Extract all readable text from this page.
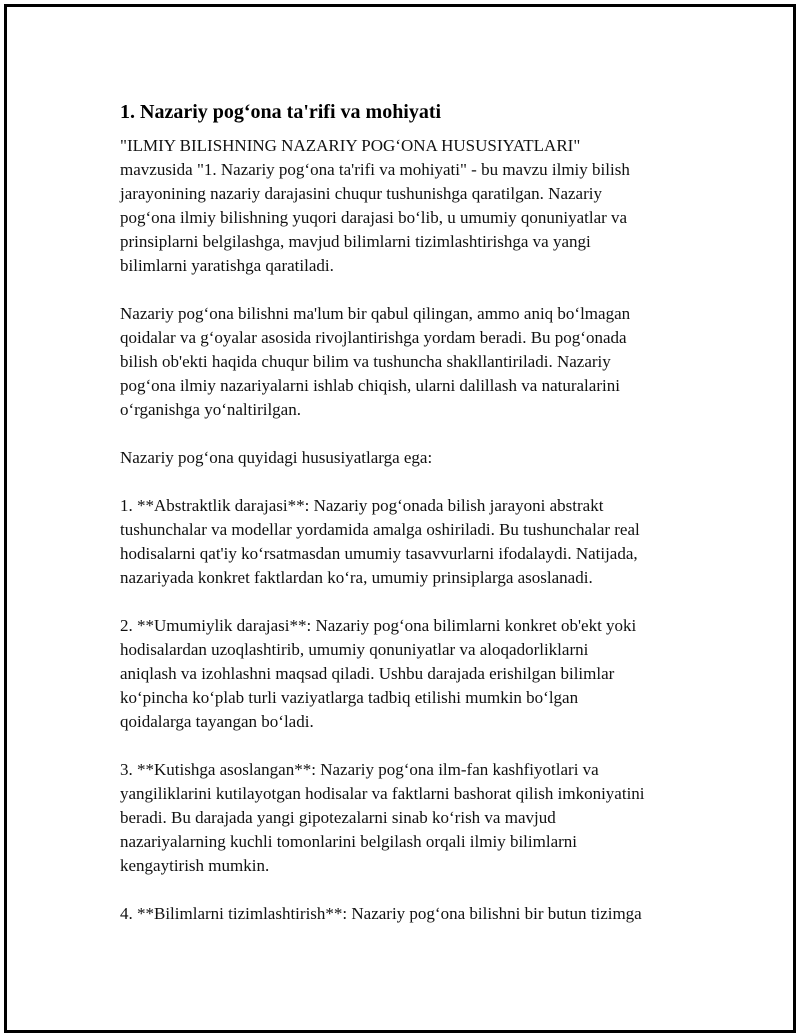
1. Nazariy pog‘ona ta'rifi va mohiyati
"ILMIY BILISHNING NAZARIY POG‘ONA HUSUSIYATLARI"
mavzusida "1. Nazariy pog‘ona ta'rifi va mohiyati" - bu mavzu ilmiy bilish
jarayonining nazariy darajasini chuqur tushunishga qaratilgan. Nazariy
pog‘ona ilmiy bilishning yuqori darajasi bo‘lib, u umumiy qonuniyatlar va
prinsiplarni belgilashga, mavjud bilimlarni tizimlashtirishga va yangi
bilimlarni yaratishga qaratiladi.
Nazariy pog‘ona bilishni ma'lum bir qabul qilingan, ammo aniq bo‘lmagan
qoidalar va g‘oyalar asosida rivojlantirishga yordam beradi. Bu pog‘onada
bilish ob'ekti haqida chuqur bilim va tushuncha shakllantiriladi. Nazariy
pog‘ona ilmiy nazariyalarni ishlab chiqish, ularni dalillash va naturalarini
o‘rganishga yo‘naltirilgan.
Nazariy pog‘ona quyidagi hususiyatlarga ega:
1. **Abstraktlik darajasi**: Nazariy pog‘onada bilish jarayoni abstrakt
tushunchalar va modellar yordamida amalga oshiriladi. Bu tushunchalar real
hodisalarni qat'iy ko‘rsatmasdan umumiy tasavvurlarni ifodalaydi. Natijada,
nazariyada konkret faktlardan ko‘ra, umumiy prinsiplarga asoslanadi.
2. **Umumiylik darajasi**: Nazariy pog‘ona bilimlarni konkret ob'ekt yoki
hodisalardan uzoqlashtirib, umumiy qonuniyatlar va aloqadorliklarni
aniqlash va izohlashni maqsad qiladi. Ushbu darajada erishilgan bilimlar
ko‘pincha ko‘plab turli vaziyatlarga tadbiq etilishi mumkin bo‘lgan
qoidalarga tayangan bo‘ladi.
3. **Kutishga asoslangan**: Nazariy pog‘ona ilm-fan kashfiyotlari va
yangiliklarini kutilayotgan hodisalar va faktlarni bashorat qilish imkoniyatini
beradi. Bu darajada yangi gipotezalarni sinab ko‘rish va mavjud
nazariyalarning kuchli tomonlarini belgilash orqali ilmiy bilimlarni
kengaytirish mumkin.
4. **Bilimlarni tizimlashtirish**: Nazariy pog‘ona bilishni bir butun tizimga
